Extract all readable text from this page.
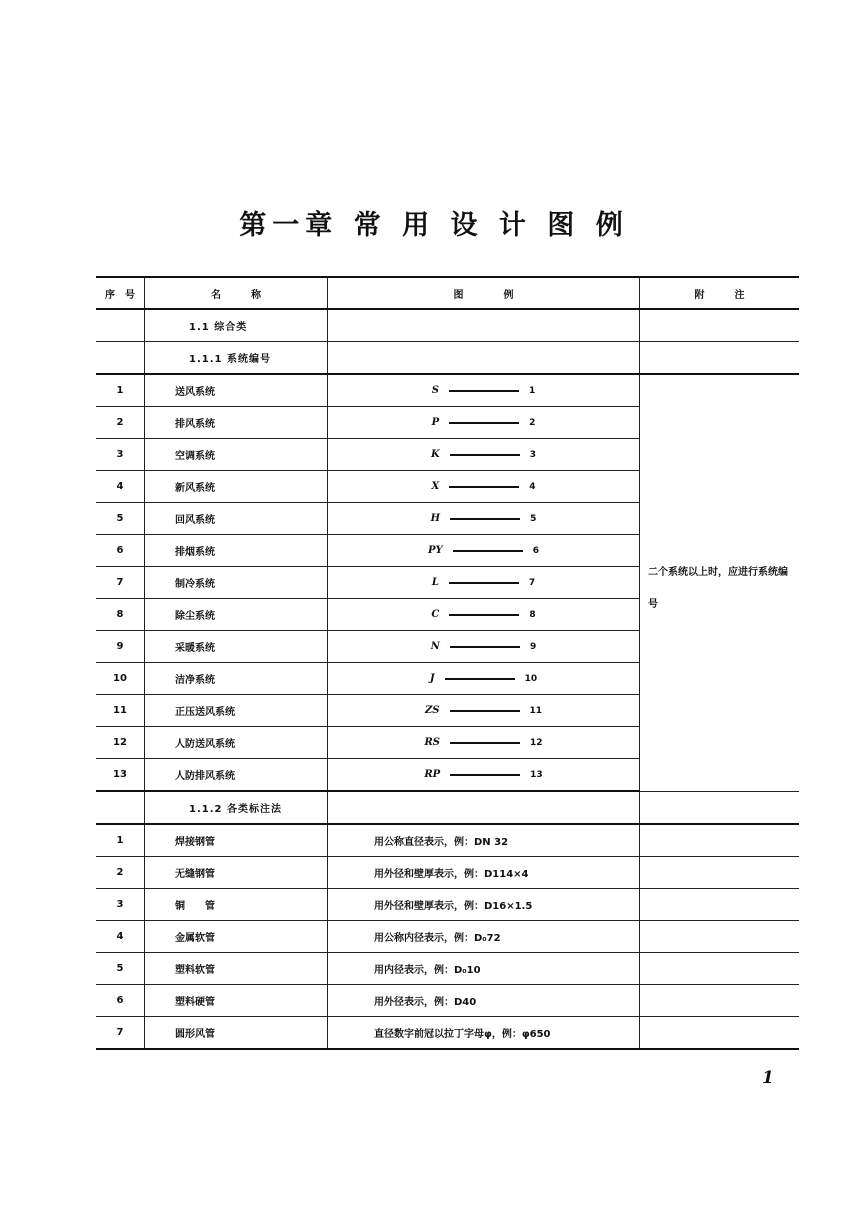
第一章 常 用 设 计 图 例
序　号	名　　　称	图　　　　例	附　　　注
	1.1 综合类		
	1.1.1 系统编号		
1	送风系统	S 1	二个系统以上时，应进行系统编号
2	排风系统	P 2	

3	空调系统	K 3	

4	新风系统	X 4	

5	回风系统	H 5	

6	排烟系统	PY 6	

7	制冷系统	L 7	

8	除尘系统	C 8	

9	采暖系统	N 9	

10	洁净系统	J 10	

11	正压送风系统	ZS 11	

12	人防送风系统	RS 12	

13	人防排风系统	RP 13	

	1.1.2 各类标注法		
1	焊接钢管	用公称直径表示，例：DN 32	
2	无缝钢管	用外径和壁厚表示，例：D114×4	
3	铜　　管	用外径和壁厚表示，例：D16×1.5	
4	金属软管	用公称内径表示，例：D₀72	
5	塑料软管	用内径表示，例：D₀10	
6	塑料硬管	用外径表示，例：D40	
7	圆形风管	直径数字前冠以拉丁字母φ，例：φ650	
1
